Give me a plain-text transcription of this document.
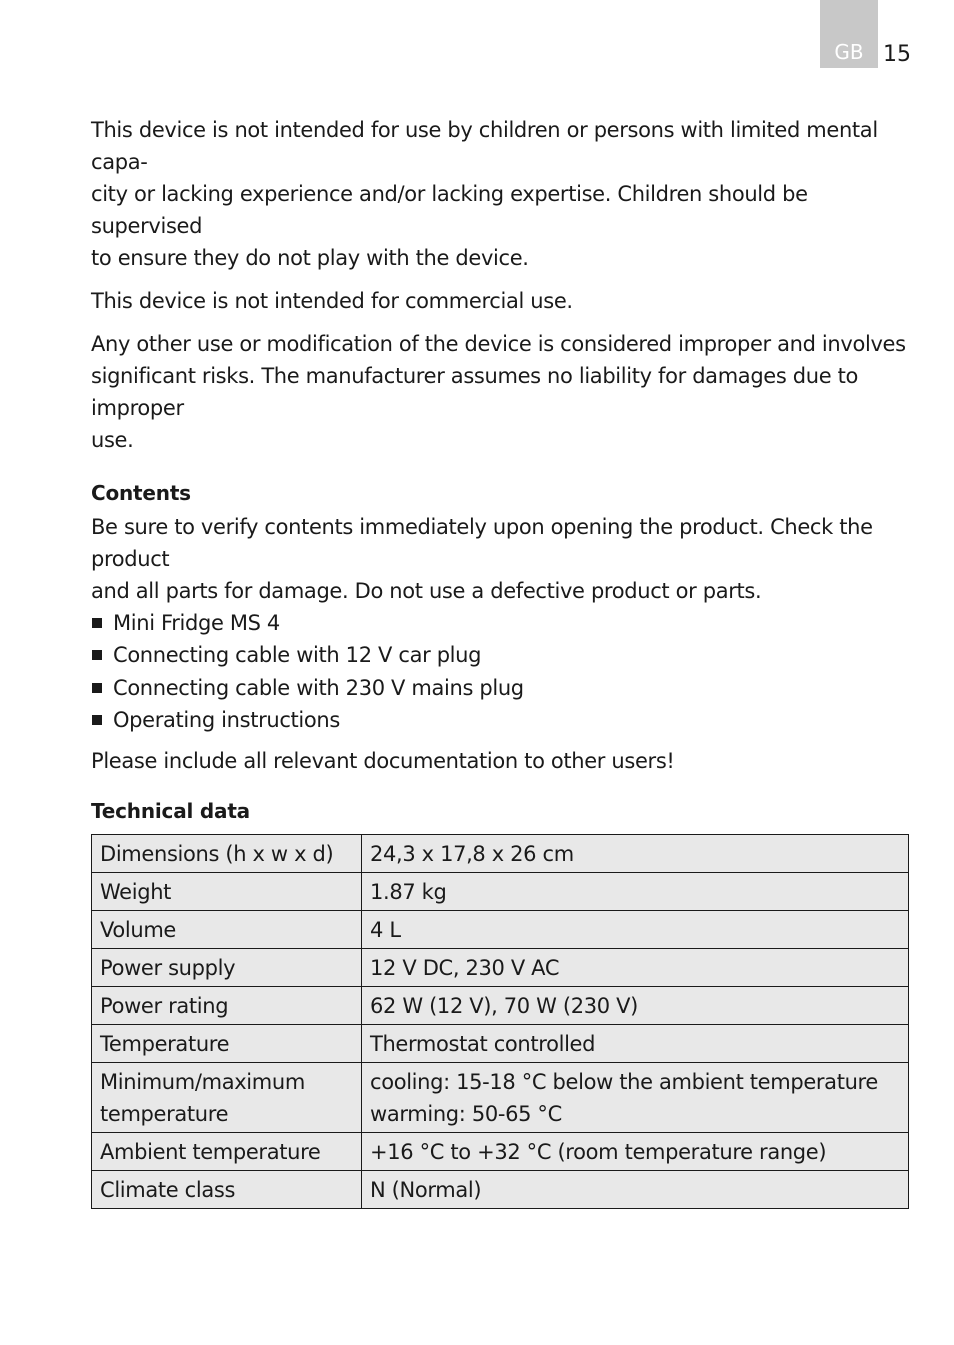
GB 15

This device is not intended for use by children or persons with limited mental capa-
city or lacking experience and/or lacking expertise. Children should be supervised
to ensure they do not play with the device.

This device is not intended for commercial use.

Any other use or modification of the device is considered improper and involves
significant risks. The manufacturer assumes no liability for damages due to improper
use.

Contents

Be sure to verify contents immediately upon opening the product. Check the product
and all parts for damage. Do not use a defective product or parts.

Mini Fridge MS 4
Connecting cable with 12 V car plug
Connecting cable with 230 V mains plug
Operating instructions

Please include all relevant documentation to other users!

Technical data
Dimensions (h x w x d)	24,3 x 17,8 x 26 cm
Weight	1.87 kg
Volume	4 L
Power supply	12 V DC, 230 V AC
Power rating	62 W (12 V), 70 W (230 V)
Temperature	Thermostat controlled
Minimum/maximum
temperature	cooling: 15-18 °C below the ambient temperature
warming: 50-65 °C
Ambient temperature	+16 °C to +32 °C (room temperature range)
Climate class	N (Normal)
